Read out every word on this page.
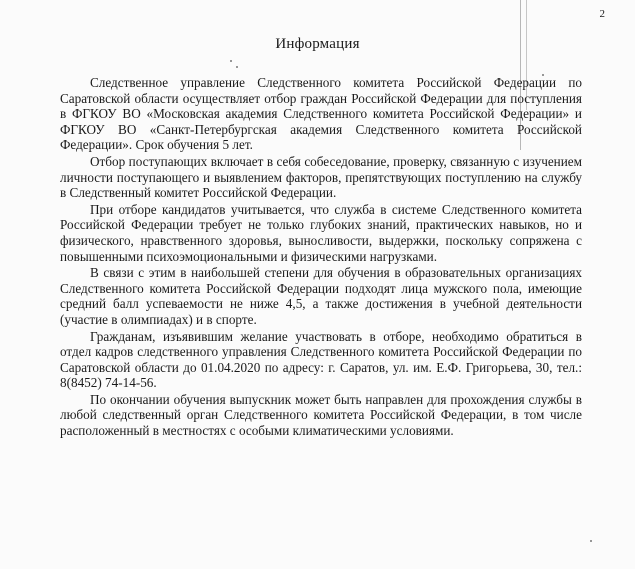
2
Информация

Следственное управление Следственного комитета Российской Федерации по Саратовской области осуществляет отбор граждан Российской Федерации для поступления в ФГКОУ ВО «Московская академия Следственного комитета Российской Федерации» и ФГКОУ ВО «Санкт-Петербургская академия Следственного комитета Российской Федерации». Срок обучения 5 лет.

Отбор поступающих включает в себя собеседование, проверку, связанную с изучением личности поступающего и выявлением факторов, препятствующих поступлению на службу в Следственный комитет Российской Федерации.

При отборе кандидатов учитывается, что служба в системе Следственного комитета Российской Федерации требует не только глубоких знаний, практических навыков, но и физического, нравственного здоровья, выносливости, выдержки, поскольку сопряжена с повышенными психоэмоциональными и физическими нагрузками.

В связи с этим в наибольшей степени для обучения в образовательных организациях Следственного комитета Российской Федерации подходят лица мужского пола, имеющие средний балл успеваемости не ниже 4,5, а также достижения в учебной деятельности (участие в олимпиадах) и в спорте.

Гражданам, изъявившим желание участвовать в отборе, необходимо обратиться в отдел кадров следственного управления Следственного комитета Российской Федерации по Саратовской области до 01.04.2020 по адресу: г. Саратов, ул. им. Е.Ф. Григорьева, 30, тел.: 8(8452) 74-14-56.

По окончании обучения выпускник может быть направлен для прохождения службы в любой следственный орган Следственного комитета Российской Федерации, в том числе расположенный в местностях с особыми климатическими условиями.
